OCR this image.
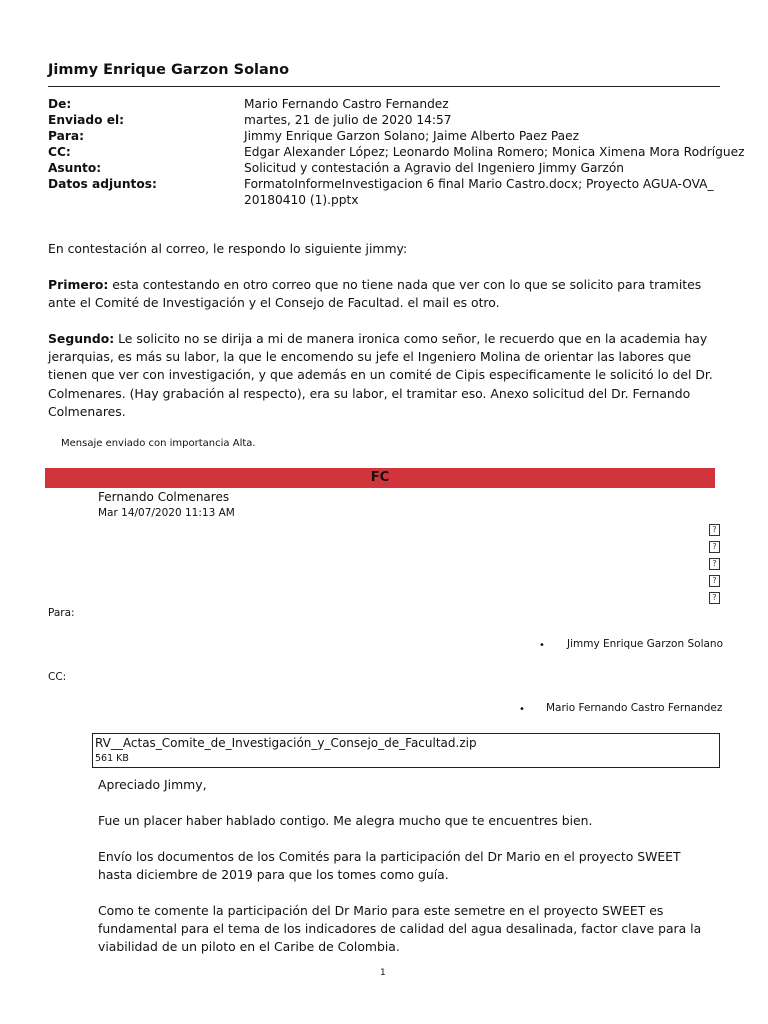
Jimmy Enrique Garzon Solano
De:	Mario Fernando Castro Fernandez
Enviado el:	martes, 21 de julio de 2020 14:57
Para:	Jimmy Enrique Garzon Solano; Jaime Alberto Paez Paez
CC:	Edgar Alexander López; Leonardo Molina Romero; Monica Ximena Mora Rodríguez
Asunto:	Solicitud y contestación a Agravio del Ingeniero Jimmy Garzón
Datos adjuntos:	FormatoInformeInvestigacion 6 final Mario Castro.docx; Proyecto AGUA-OVA_
20180410 (1).pptx
En contestación al correo, le respondo lo siguiente jimmy:
Primero: esta contestando en otro correo que no tiene nada que ver con lo que se solicito para tramites ante el Comité de Investigación y el Consejo de Facultad. el mail es otro.
Segundo: Le solicito no se dirija a mi de manera ironica como señor, le recuerdo que en la academia hay jerarquias, es más su labor, la que le encomendo su jefe el Ingeniero Molina de orientar las labores que tienen que ver con investigación, y que además en un comité de Cipis especificamente le solicitó lo del Dr. Colmenares. (Hay grabación al respecto), era su labor, el tramitar eso. Anexo solicitud del Dr. Fernando Colmenares.
Mensaje enviado con importancia Alta.
FC
Fernando Colmenares
Mar 14/07/2020 11:13 AM
?
?
?
?
?
Para:
• Jimmy Enrique Garzon Solano
CC:
• Mario Fernando Castro Fernandez
RV__Actas_Comite_de_Investigación_y_Consejo_de_Facultad.zip
561 KB
Apreciado Jimmy,
Fue un placer haber hablado contigo. Me alegra mucho que te encuentres bien.
Envío los documentos de los Comités para la participación del Dr Mario en el proyecto SWEET hasta diciembre de 2019 para que los tomes como guía.
Como te comente la participación del Dr Mario para este semetre en el proyecto SWEET es fundamental para el tema de los indicadores de calidad del agua desalinada, factor clave para la viabilidad de un piloto en el Caribe de Colombia.
1
